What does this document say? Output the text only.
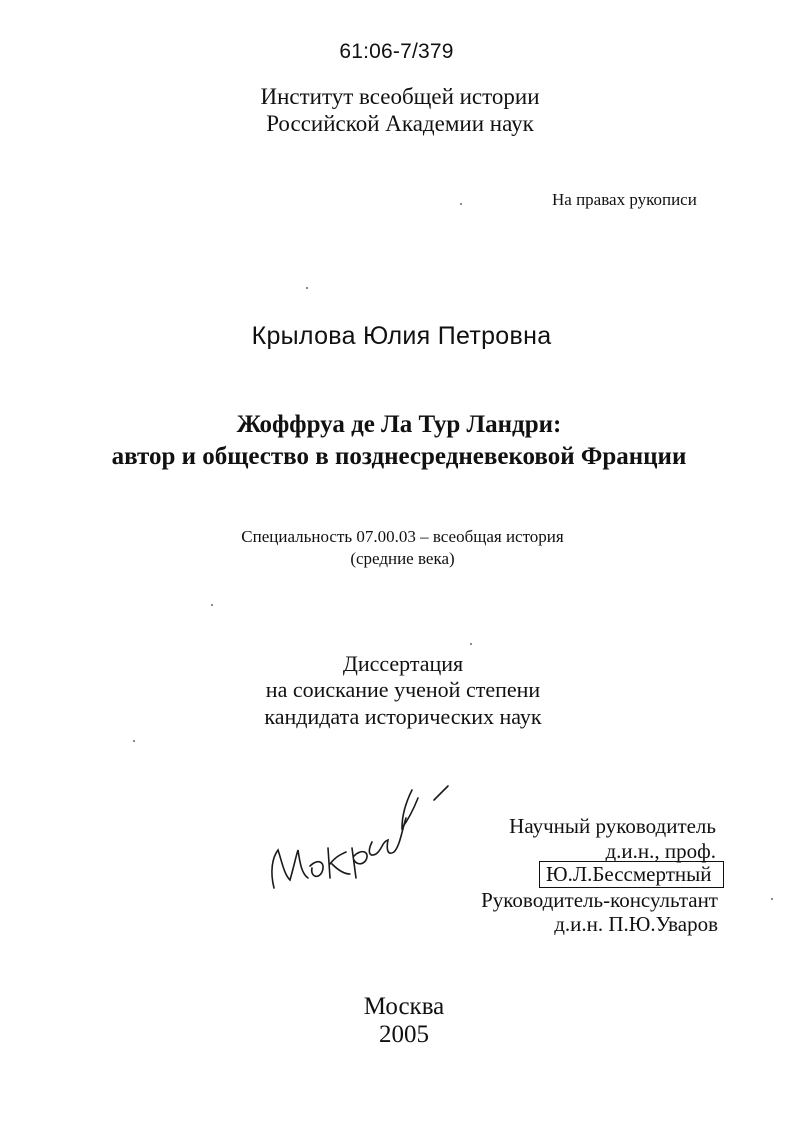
61:06-7/379
Институт всеобщей истории
Российской Академии наук
На правах рукописи
Крылова Юлия Петровна
Жоффруа де Ла Тур Ландри:
автор и общество в позднесредневековой Франции
Специальность 07.00.03 – всеобщая история
(средние века)
Диссертация
на соискание ученой степени
кандидата исторических наук
Научный руководитель
д.и.н., проф.
Ю.Л.Бессмертный
Руководитель-консультант
д.и.н. П.Ю.Уваров
Москва
2005
